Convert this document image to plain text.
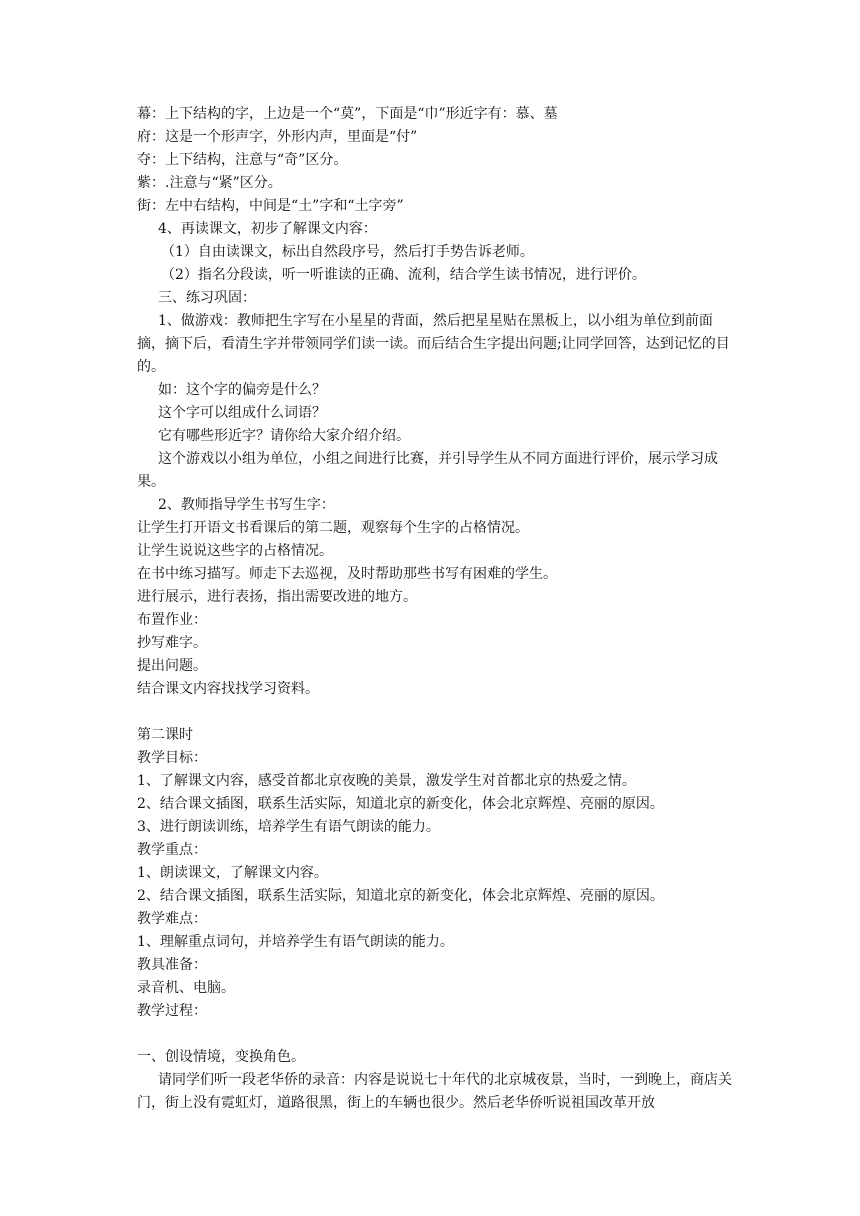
幕：上下结构的字，上边是一个“莫”，下面是“巾”形近字有：慕、墓

府：这是一个形声字，外形内声，里面是“付”

夺：上下结构，注意与“奇”区分。

紫：.注意与“紧”区分。

街：左中右结构，中间是“土”字和“土字旁”

4、再读课文，初步了解课文内容：

（1）自由读课文，标出自然段序号，然后打手势告诉老师。

（2）指名分段读，听一听谁读的正确、流利，结合学生读书情况，进行评价。

三、练习巩固：

1、做游戏：教师把生字写在小星星的背面，然后把星星贴在黑板上，以小组为单位到前面摘，摘下后，看清生字并带领同学们读一读。而后结合生字提出问题;让同学回答，达到记忆的目的。

如：这个字的偏旁是什么？

这个字可以组成什么词语？

它有哪些形近字？请你给大家介绍介绍。

这个游戏以小组为单位，小组之间进行比赛，并引导学生从不同方面进行评价，展示学习成果。

2、教师指导学生书写生字：

让学生打开语文书看课后的第二题，观察每个生字的占格情况。

让学生说说这些字的占格情况。

在书中练习描写。师走下去巡视，及时帮助那些书写有困难的学生。

进行展示，进行表扬，指出需要改进的地方。

布置作业：

抄写难字。

提出问题。

结合课文内容找找学习资料。

第二课时

教学目标：

1、了解课文内容，感受首都北京夜晚的美景，激发学生对首都北京的热爱之情。

2、结合课文插图，联系生活实际，知道北京的新变化，体会北京辉煌、亮丽的原因。

3、进行朗读训练，培养学生有语气朗读的能力。

教学重点：

1、朗读课文，了解课文内容。

2、结合课文插图，联系生活实际，知道北京的新变化，体会北京辉煌、亮丽的原因。

教学难点：

1、理解重点词句，并培养学生有语气朗读的能力。

教具准备：

录音机、电脑。

教学过程：

一、创设情境，变换角色。

请同学们听一段老华侨的录音：内容是说说七十年代的北京城夜景，当时，一到晚上，商店关门，街上没有霓虹灯，道路很黑，街上的车辆也很少。然后老华侨听说祖国改革开放
